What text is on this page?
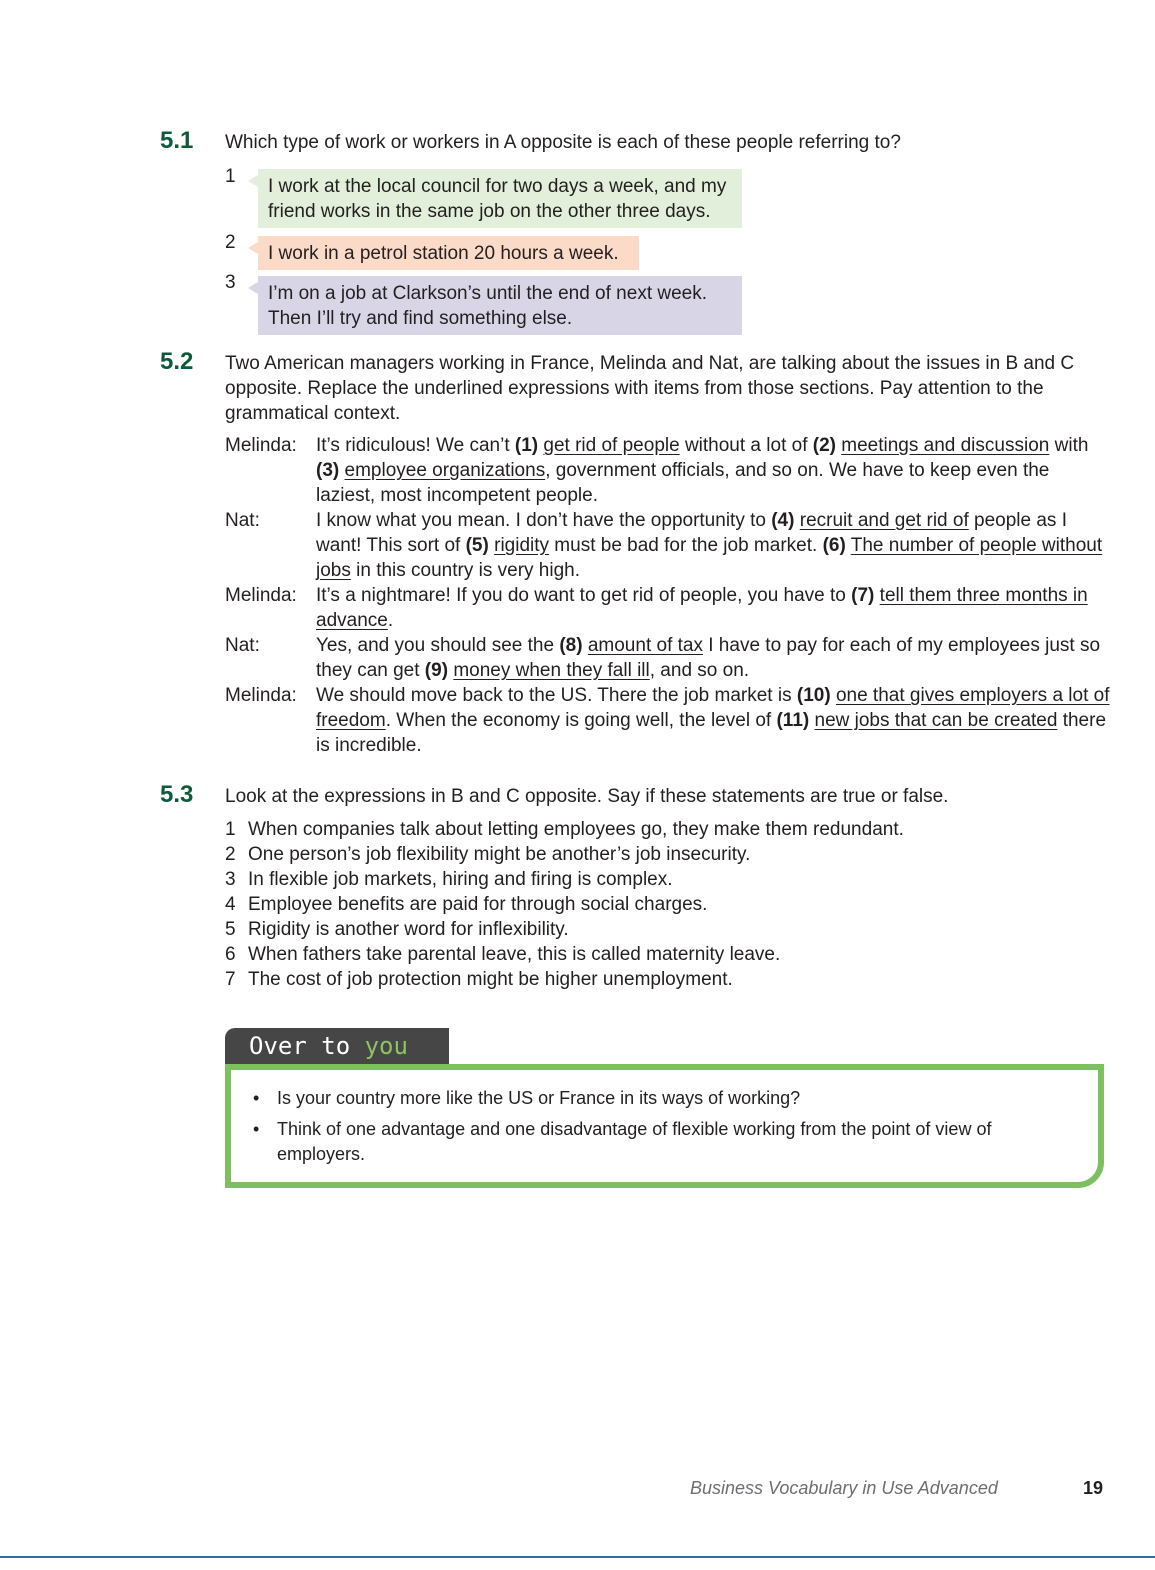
5.1 Which type of work or workers in A opposite is each of these people referring to?
1 I work at the local council for two days a week, and my
friend works in the same job on the other three days.
2
I work in a petrol station 20 hours a week.
3
I’m on a job at Clarkson’s until the end of next week.
Then I’ll try and find something else.
5.2 Two American managers working in France, Melinda and Nat, are talking about the issues in B and C opposite. Replace the underlined expressions with items from those sections. Pay attention to the grammatical context.
Melinda:	It’s ridiculous! We can’t (1) get rid of people without a lot of (2) meetings and discussion with (3) employee organizations, government officials, and so on. We have to keep even the laziest, most incompetent people.
Nat:	I know what you mean. I don’t have the opportunity to (4) recruit and get rid of people as I want! This sort of (5) rigidity must be bad for the job market. (6) The number of people without jobs in this country is very high.
Melinda:	It’s a nightmare! If you do want to get rid of people, you have to (7) tell them three months in advance.
Nat:	Yes, and you should see the (8) amount of tax I have to pay for each of my employees just so they can get (9) money when they fall ill, and so on.
Melinda:	We should move back to the US. There the job market is (10) one that gives employers a lot of freedom. When the economy is going well, the level of (11) new jobs that can be created there is incredible.
5.3 Look at the expressions in B and C opposite. Say if these statements are true or false.
1 When companies talk about letting employees go, they make them redundant.
2 One person’s job flexibility might be another’s job insecurity.
3 In flexible job markets, hiring and firing is complex.
4 Employee benefits are paid for through social charges.
5 Rigidity is another word for inflexibility.
6 When fathers take parental leave, this is called maternity leave.
7 The cost of job protection might be higher unemployment.
Over to you
• Is your country more like the US or France in its ways of working?
• Think of one advantage and one disadvantage of flexible working from the point of view of employers.
Business Vocabulary in Use Advanced	19
